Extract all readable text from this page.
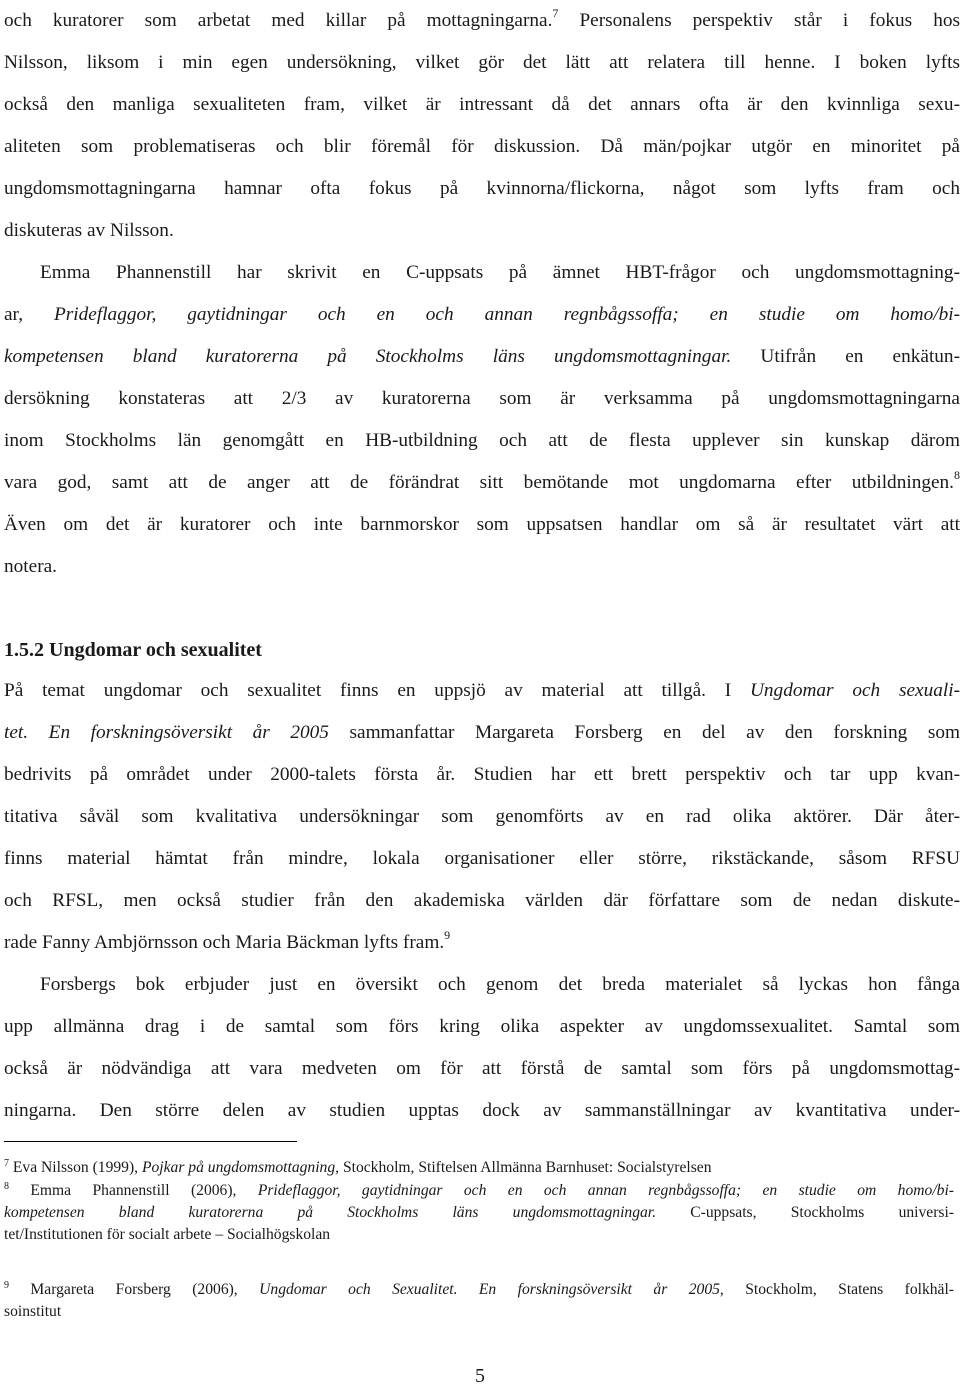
och kuratorer som arbetat med killar på mottagningarna.$^7$ Personalens perspektiv står i fokus hos
Nilsson, liksom i min egen undersökning, vilket gör det lätt att relatera till henne. I boken lyfts
också den manliga sexualiteten fram, vilket är intressant då det annars ofta är den kvinnliga sexu-
aliteten som problematiseras och blir föremål för diskussion. Då män/pojkar utgör en minoritet på
ungdomsmottagningarna hamnar ofta fokus på kvinnorna/flickorna, något som lyfts fram och
diskuteras av Nilsson.
Emma Phannenstill har skrivit en C-uppsats på ämnet HBT-frågor och ungdomsmottagning-
ar, Prideflaggor, gaytidningar och en och annan regnbågssoffa; en studie om homo/bi-
kompetensen bland kuratorerna på Stockholms läns ungdomsmottagningar. Utifrån en enkätun-
dersökning konstateras att 2/3 av kuratorerna som är verksamma på ungdomsmottagningarna
inom Stockholms län genomgått en HB-utbildning och att de flesta upplever sin kunskap därom
vara god, samt att de anger att de förändrat sitt bemötande mot ungdomarna efter utbildningen.$^8$
Även om det är kuratorer och inte barnmorskor som uppsatsen handlar om så är resultatet värt att
notera.
1.5.2 Ungdomar och sexualitet
På temat ungdomar och sexualitet finns en uppsjö av material att tillgå. I Ungdomar och sexuali-
tet. En forskningsöversikt år 2005 sammanfattar Margareta Forsberg en del av den forskning som
bedrivits på området under 2000-talets första år. Studien har ett brett perspektiv och tar upp kvan-
titativa såväl som kvalitativa undersökningar som genomförts av en rad olika aktörer. Där åter-
finns material hämtat från mindre, lokala organisationer eller större, rikstäckande, såsom RFSU
och RFSL, men också studier från den akademiska världen där författare som de nedan diskute-
rade Fanny Ambjörnsson och Maria Bäckman lyfts fram.$^9$
Forsbergs bok erbjuder just en översikt och genom det breda materialet så lyckas hon fånga
upp allmänna drag i de samtal som förs kring olika aspekter av ungdomssexualitet. Samtal som
också är nödvändiga att vara medveten om för att förstå de samtal som förs på ungdomsmottag-
ningarna. Den större delen av studien upptas dock av sammanställningar av kvantitativa under-
$^7$ Eva Nilsson (1999), Pojkar på ungdomsmottagning, Stockholm, Stiftelsen Allmänna Barnhuset: Socialstyrelsen
$^8$ Emma Phannenstill (2006), Prideflaggor, gaytidningar och en och annan regnbågssoffa; en studie om homo/bi-
kompetensen bland kuratorerna på Stockholms läns ungdomsmottagningar. C-uppsats, Stockholms universi-
tet/Institutionen för socialt arbete – Socialhögskolan
$^9$ Margareta Forsberg (2006), Ungdomar och Sexualitet. En forskningsöversikt år 2005, Stockholm, Statens folkhäl-
soinstitut
5
